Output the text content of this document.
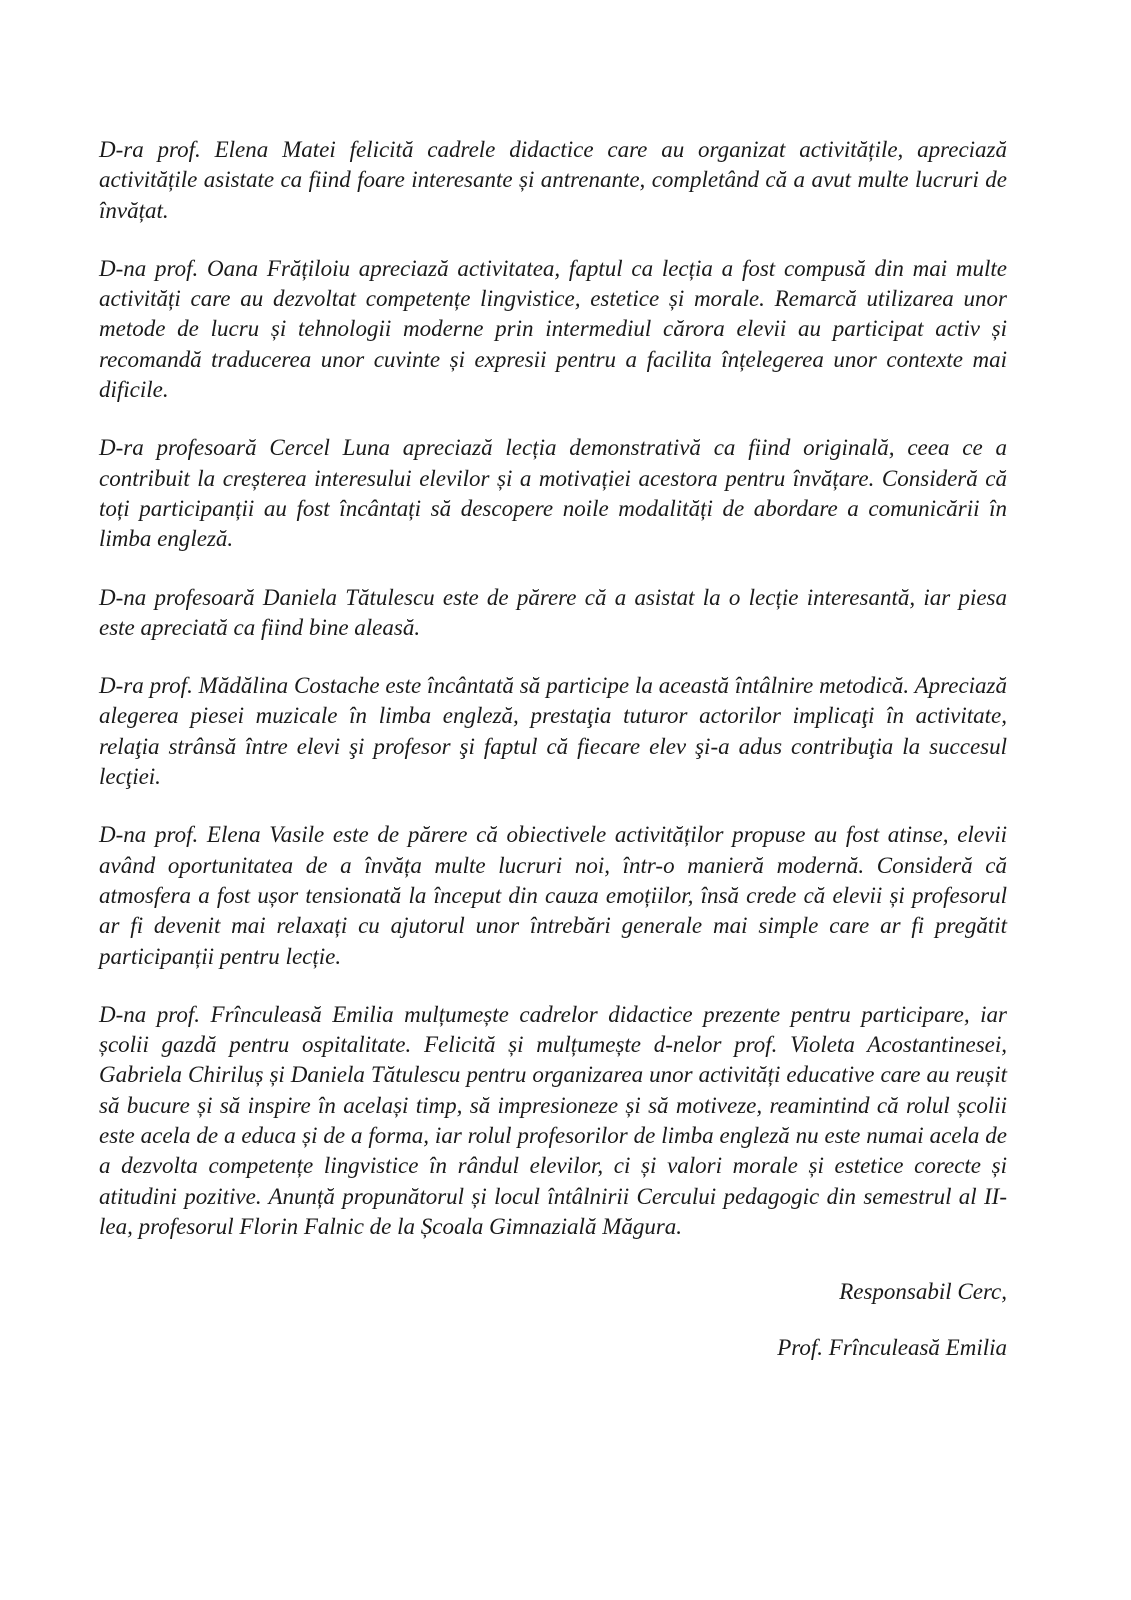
D-ra prof. Elena Matei felicită cadrele didactice care au organizat activitățile, apreciază activitățile asistate ca fiind foare interesante și antrenante, completând că a avut multe lucruri de învățat.

D-na prof. Oana Frățiloiu apreciază activitatea, faptul ca lecția a fost compusă din mai multe activități care au dezvoltat competențe lingvistice, estetice și morale. Remarcă utilizarea unor metode de lucru și tehnologii moderne prin intermediul cărora elevii au participat activ și recomandă traducerea unor cuvinte și expresii pentru a facilita înțelegerea unor contexte mai dificile.

D-ra profesoară Cercel Luna apreciază lecția demonstrativă ca fiind originală, ceea ce a contribuit la creșterea interesului elevilor și a motivației acestora pentru învățare. Consideră că toți participanții au fost încântați să descopere noile modalități de abordare a comunicării în limba engleză.

D-na profesoară Daniela Tătulescu este de părere că a asistat la o lecție interesantă, iar piesa este apreciată ca fiind bine aleasă.

D-ra prof. Mădălina Costache este încântată să participe la această întâlnire metodică. Apreciază alegerea piesei muzicale în limba engleză, prestaţia tuturor actorilor implicaţi în activitate, relaţia strânsă între elevi şi profesor şi faptul că fiecare elev şi-a adus contribuţia la succesul lecţiei.

D-na prof. Elena Vasile este de părere că obiectivele activităților propuse au fost atinse, elevii având oportunitatea de a învăța multe lucruri noi, într-o manieră modernă. Consideră că atmosfera a fost ușor tensionată la început din cauza emoțiilor, însă crede că elevii și profesorul ar fi devenit mai relaxați cu ajutorul unor întrebări generale mai simple care ar fi pregătit participanții pentru lecție.

D-na prof. Frînculeasă Emilia mulțumește cadrelor didactice prezente pentru participare, iar școlii gazdă pentru ospitalitate. Felicită și mulțumește d-nelor prof. Violeta Acostantinesei, Gabriela Chiriluș și Daniela Tătulescu pentru organizarea unor activități educative care au reușit să bucure și să inspire în același timp, să impresioneze și să motiveze, reamintind că rolul școlii este acela de a educa și de a forma, iar rolul profesorilor de limba engleză nu este numai acela de a dezvolta competențe lingvistice în rândul elevilor, ci și valori morale și estetice corecte și atitudini pozitive. Anunță propunătorul și locul întâlnirii Cercului pedagogic din semestrul al II-lea, profesorul Florin Falnic de la Școala Gimnazială Măgura.

Responsabil Cerc,
Prof. Frînculeasă Emilia
